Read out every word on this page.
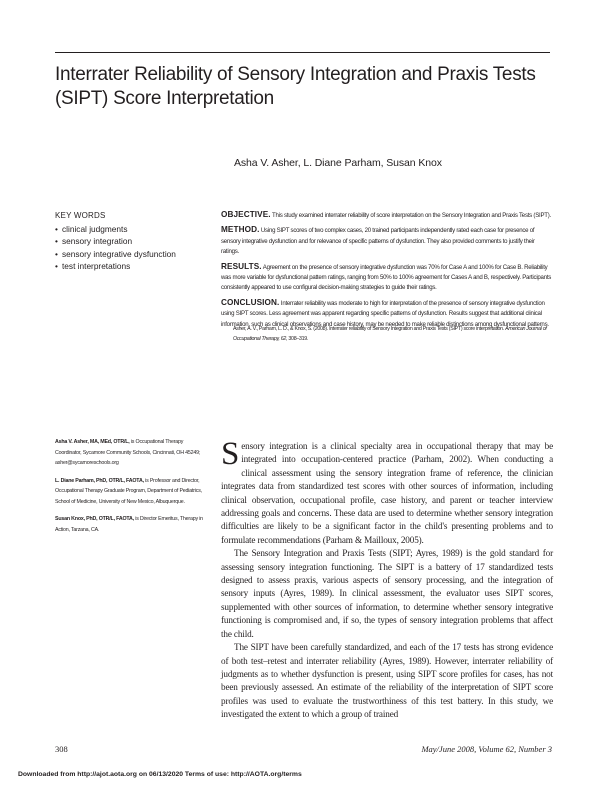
Interrater Reliability of Sensory Integration and Praxis Tests (SIPT) Score Interpretation
Asha V. Asher, L. Diane Parham, Susan Knox
KEY WORDS
• clinical judgments
• sensory integration
• sensory integrative dysfunction
• test interpretations

OBJECTIVE. This study examined interrater reliability of score interpretation on the Sensory Integration and Praxis Tests (SIPT).

METHOD. Using SIPT scores of two complex cases, 20 trained participants independently rated each case for presence of sensory integrative dysfunction and for relevance of specific patterns of dysfunction. They also provided comments to justify their ratings.

RESULTS. Agreement on the presence of sensory integrative dysfunction was 70% for Case A and 100% for Case B. Reliability was more variable for dysfunctional pattern ratings, ranging from 50% to 100% agreement for Cases A and B, respectively. Participants consistently appeared to use configural decision-making strategies to guide their ratings.

CONCLUSION. Interrater reliability was moderate to high for interpretation of the presence of sensory integrative dysfunction using SIPT scores. Less agreement was apparent regarding specific patterns of dysfunction. Results suggest that additional clinical information, such as clinical observations and case history, may be needed to make reliable distinctions among dysfunctional patterns.

Asher, A. V., Parham, L. D., & Knox, S. (2008). Interrater reliability of Sensory Integration and Praxis Tests (SIPT) score interpretation. American Journal of Occupational Therapy, 62, 308–319.

Asha V. Asher, MA, MEd, OTR/L, is Occupational Therapy Coordinator, Sycamore Community Schools, Cincinnati, OH 45249; asher@sycamoreschools.org

L. Diane Parham, PhD, OTR/L, FAOTA, is Professor and Director, Occupational Therapy Graduate Program, Department of Pediatrics, School of Medicine, University of New Mexico, Albuquerque.

Susan Knox, PhD, OTR/L, FAOTA, is Director Emeritus, Therapy in Action, Tarzana, CA.

Sensory integration is a clinical specialty area in occupational therapy that may be integrated into occupation-centered practice (Parham, 2002). When conducting a clinical assessment using the sensory integration frame of reference, the clinician integrates data from standardized test scores with other sources of information, including clinical observation, occupational profile, case history, and parent or teacher interview addressing goals and concerns. These data are used to determine whether sensory integration difficulties are likely to be a significant factor in the child's presenting problems and to formulate recommendations (Parham & Mailloux, 2005).

The Sensory Integration and Praxis Tests (SIPT; Ayres, 1989) is the gold standard for assessing sensory integration functioning. The SIPT is a battery of 17 standardized tests designed to assess praxis, various aspects of sensory processing, and the integration of sensory inputs (Ayres, 1989). In clinical assessment, the evaluator uses SIPT scores, supplemented with other sources of information, to determine whether sensory integrative functioning is compromised and, if so, the types of sensory integration problems that affect the child.

The SIPT have been carefully standardized, and each of the 17 tests has strong evidence of both test–retest and interrater reliability (Ayres, 1989). However, interrater reliability of judgments as to whether dysfunction is present, using SIPT score profiles for cases, has not been previously assessed. An estimate of the reliability of the interpretation of SIPT score profiles was used to evaluate the trustworthiness of this test battery. In this study, we investigated the extent to which a group of trained

308	May/June 2008, Volume 62, Number 3
Downloaded from http://ajot.aota.org on 06/13/2020 Terms of use: http://AOTA.org/terms
